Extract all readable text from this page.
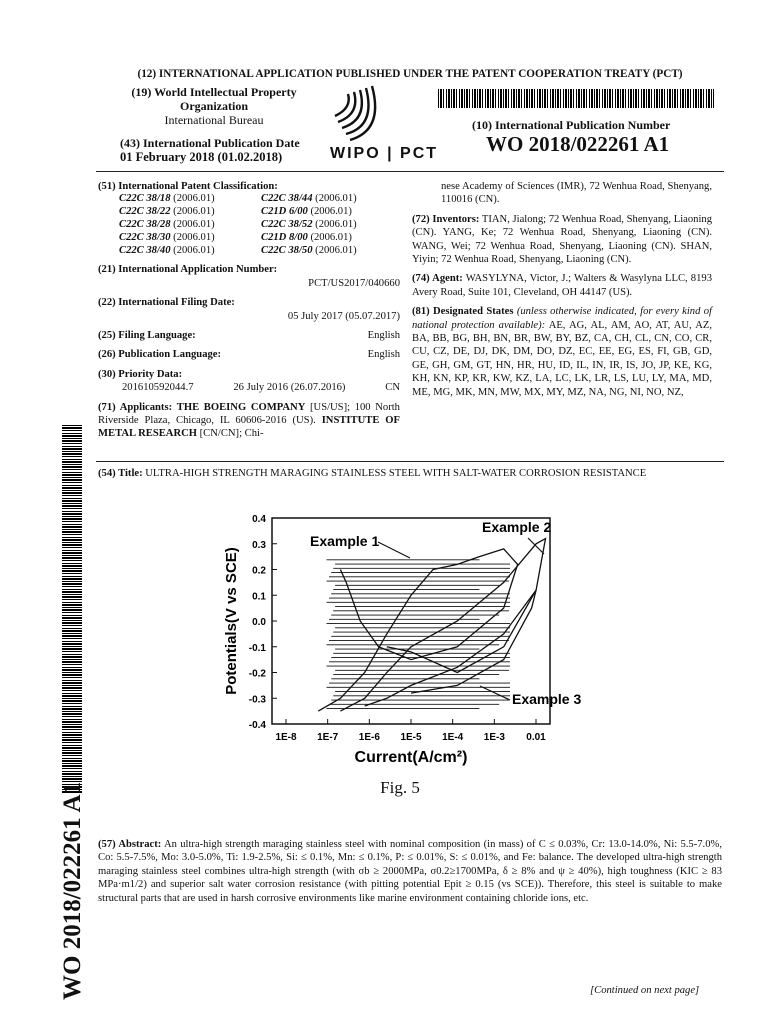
(12) INTERNATIONAL APPLICATION PUBLISHED UNDER THE PATENT COOPERATION TREATY (PCT)
(19) World Intellectual Property
Organization
International Bureau
WIPO | PCT
(10) International Publication Number
WO 2018/022261 A1
(43) International Publication Date
01 February 2018 (01.02.2018)
(51) International Patent Classification:
C22C 38/18 (2006.01)	C22C 38/44 (2006.01)
C22C 38/22 (2006.01)	C21D 6/00 (2006.01)
C22C 38/28 (2006.01)	C22C 38/52 (2006.01)
C22C 38/30 (2006.01)	C21D 8/00 (2006.01)
C22C 38/40 (2006.01)	C22C 38/50 (2006.01)
(21) International Application Number:
PCT/US2017/040660
(22) International Filing Date:
05 July 2017 (05.07.2017)
(25) Filing Language:	English
(26) Publication Language:	English
(30) Priority Data:
201610592044.7	26 July 2016 (26.07.2016)	CN
(71) Applicants: THE BOEING COMPANY [US/US]; 100 North Riverside Plaza, Chicago, IL 60606-2016 (US). INSTITUTE OF METAL RESEARCH [CN/CN]; Chi-
nese Academy of Sciences (IMR), 72 Wenhua Road, Shenyang, 110016 (CN).
(72) Inventors: TIAN, Jialong; 72 Wenhua Road, Shenyang, Liaoning (CN). YANG, Ke; 72 Wenhua Road, Shenyang, Liaoning (CN). WANG, Wei; 72 Wenhua Road, Shenyang, Liaoning (CN). SHAN, Yiyin; 72 Wenhua Road, Shenyang, Liaoning (CN).
(74) Agent: WASYLYNA, Victor, J.; Walters & Wasylyna LLC, 8193 Avery Road, Suite 101, Cleveland, OH 44147 (US).
(81) Designated States (unless otherwise indicated, for every kind of national protection available): AE, AG, AL, AM, AO, AT, AU, AZ, BA, BB, BG, BH, BN, BR, BW, BY, BZ, CA, CH, CL, CN, CO, CR, CU, CZ, DE, DJ, DK, DM, DO, DZ, EC, EE, EG, ES, FI, GB, GD, GE, GH, GM, GT, HN, HR, HU, ID, IL, IN, IR, IS, JO, JP, KE, KG, KH, KN, KP, KR, KW, KZ, LA, LC, LK, LR, LS, LU, LY, MA, MD, ME, MG, MK, MN, MW, MX, MY, MZ, NA, NG, NI, NO, NZ,
(54) Title: ULTRA-HIGH STRENGTH MARAGING STAINLESS STEEL WITH SALT-WATER CORROSION RESISTANCE
0.4
0.3
0.2
0.1
0.0
-0.1
-0.2
-0.3
-0.4
1E-8 1E-7 1E-6 1E-5 1E-4 1E-3 0.01
Current(A/cm²)
Potentials(V vs SCE)
Example 1
Example 2
Example 3
Fig. 5
(57) Abstract: An ultra-high strength maraging stainless steel with nominal composition (in mass) of C ≤ 0.03%, Cr: 13.0-14.0%, Ni: 5.5-7.0%, Co: 5.5-7.5%, Mo: 3.0-5.0%, Ti: 1.9-2.5%, Si: ≤ 0.1%, Mn: ≤ 0.1%, P: ≤ 0.01%, S: ≤ 0.01%, and Fe: balance. The developed ultra-high strength maraging stainless steel combines ultra-high strength (with σb ≥ 2000MPa, σ0.2≥1700MPa, δ ≥ 8% and ψ ≥ 40%), high toughness (KIC ≥ 83 MPa·m1/2) and superior salt water corrosion resistance (with pitting potential Epit ≥ 0.15 (vs SCE)). Therefore, this steel is suitable to make structural parts that are used in harsh corrosive environments like marine environment containing chloride ions, etc.
[Continued on next page]
WO 2018/022261 A1
